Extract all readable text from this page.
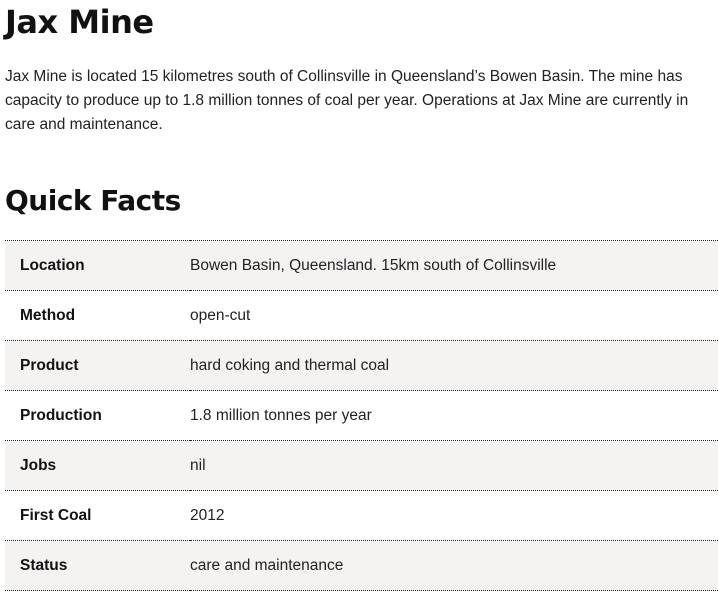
Jax Mine

Jax Mine is located 15 kilometres south of Collinsville in Queensland’s Bowen Basin. The mine has capacity to produce up to 1.8 million tonnes of coal per year. Operations at Jax Mine are currently in care and maintenance.

Quick Facts
Location	Bowen Basin, Queensland. 15km south of Collinsville
Method	open-cut
Product	hard coking and thermal coal
Production	1.8 million tonnes per year
Jobs	nil
First Coal	2012
Status	care and maintenance
